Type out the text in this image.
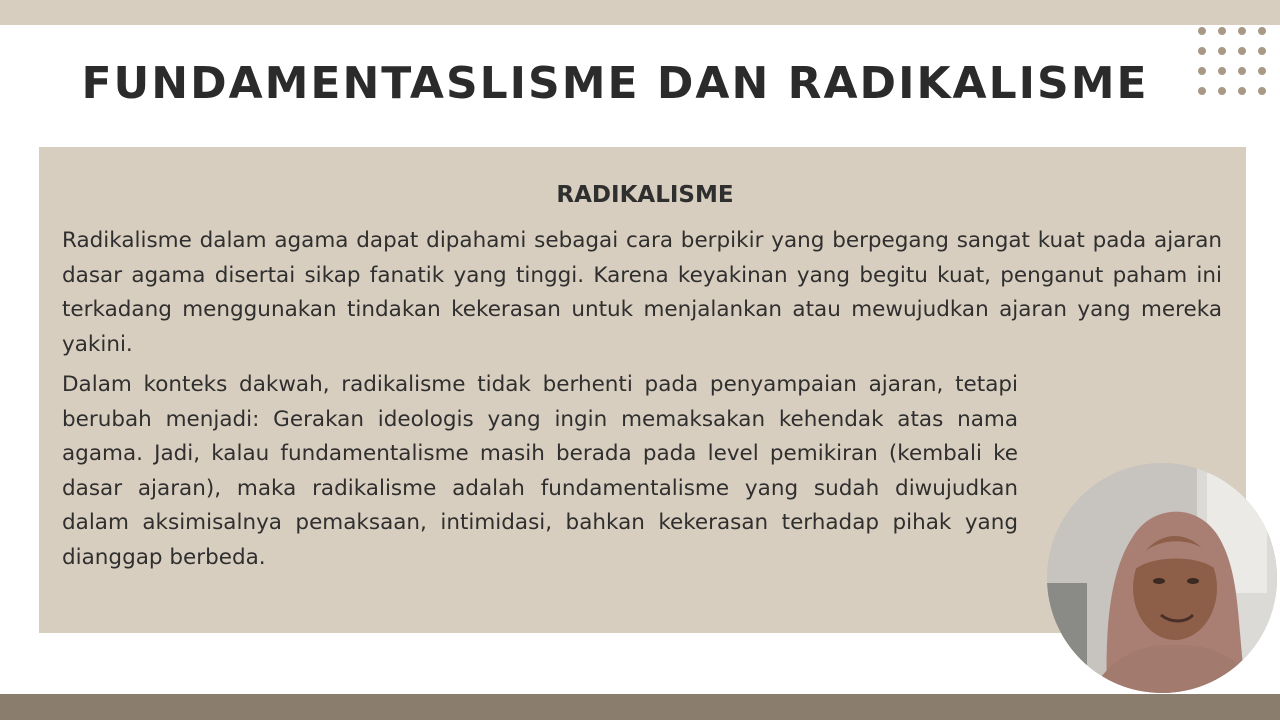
FUNDAMENTASLISME DAN RADIKALISME
RADIKALISME

Radikalisme dalam agama dapat dipahami sebagai cara berpikir yang berpegang sangat kuat pada ajaran dasar agama disertai sikap fanatik yang tinggi. Karena keyakinan yang begitu kuat, penganut paham ini terkadang menggunakan tindakan kekerasan untuk menjalankan atau mewujudkan ajaran yang mereka yakini.

Dalam konteks dakwah, radikalisme tidak berhenti pada penyampaian ajaran, tetapi berubah menjadi: Gerakan ideologis yang ingin memaksakan kehendak atas nama agama. Jadi, kalau fundamentalisme masih berada pada level pemikiran (kembali ke dasar ajaran), maka radikalisme adalah fundamentalisme yang sudah diwujudkan dalam aksimisalnya pemaksaan, intimidasi, bahkan kekerasan terhadap pihak yang dianggap berbeda.
